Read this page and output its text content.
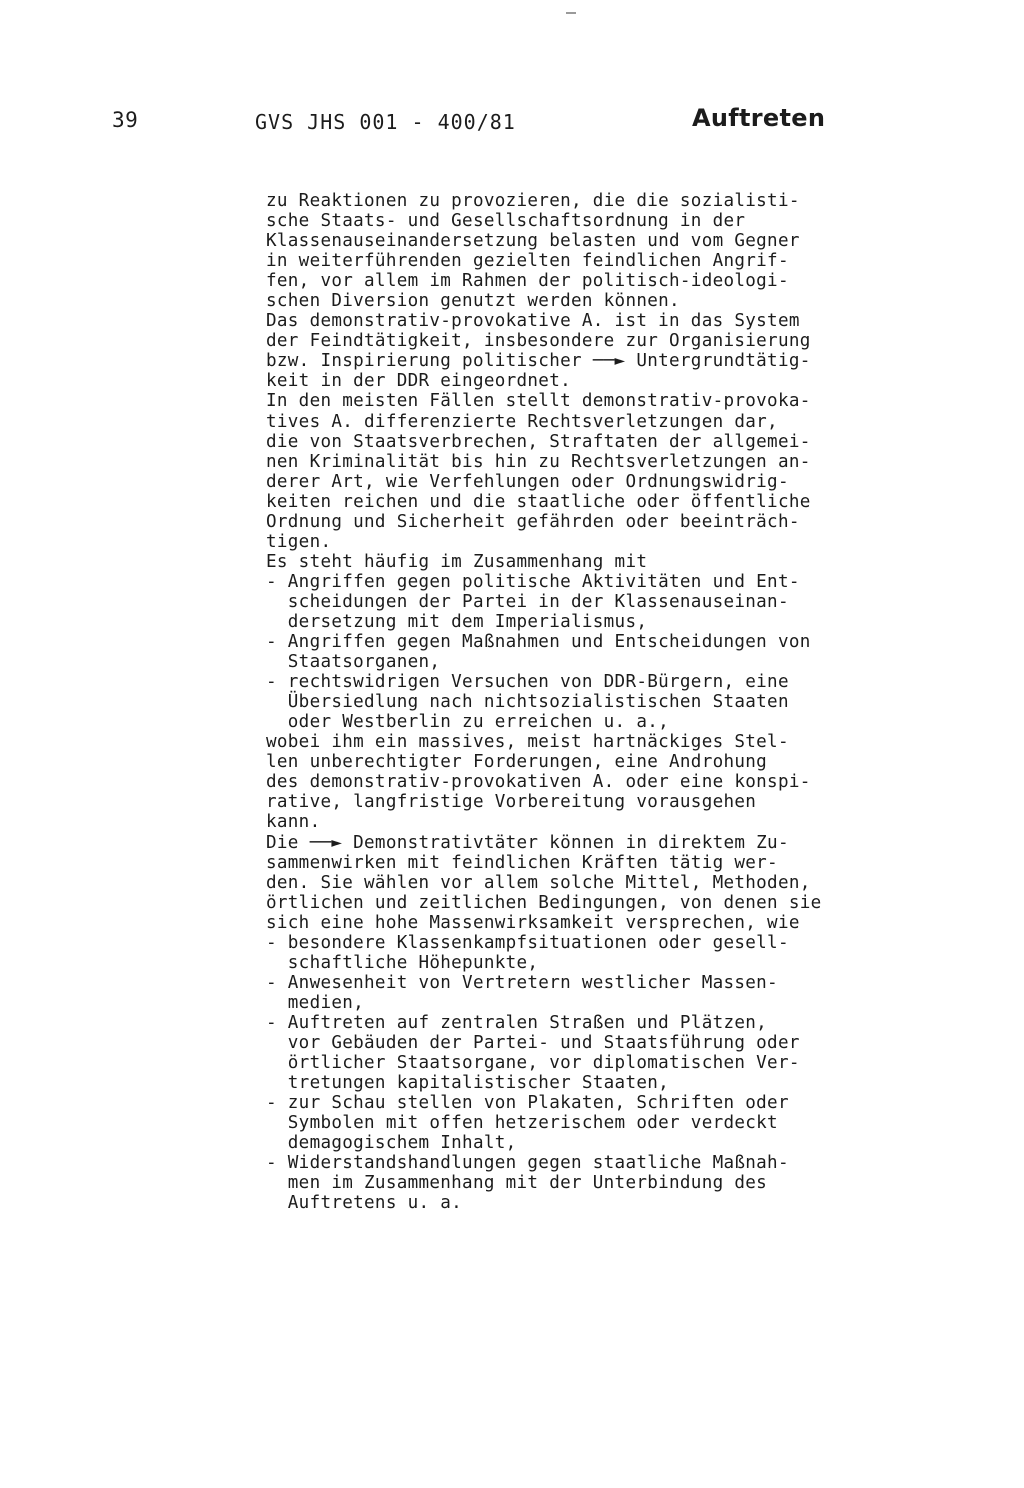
39	GVS JHS 001 - 400/81	Auftreten
zu Reaktionen zu provozieren, die die sozialisti-
sche Staats- und Gesellschaftsordnung in der
Klassenauseinandersetzung belasten und vom Gegner
in weiterführenden gezielten feindlichen Angrif-
fen, vor allem im Rahmen der politisch-ideologi-
schen Diversion genutzt werden können.
Das demonstrativ-provokative A. ist in das System
der Feindtätigkeit, insbesondere zur Organisierung
bzw. Inspirierung politischer ──► Untergrundtätig-
keit in der DDR eingeordnet.
In den meisten Fällen stellt demonstrativ-provoka-
tives A. differenzierte Rechtsverletzungen dar,
die von Staatsverbrechen, Straftaten der allgemei-
nen Kriminalität bis hin zu Rechtsverletzungen an-
derer Art, wie Verfehlungen oder Ordnungswidrig-
keiten reichen und die staatliche oder öffentliche
Ordnung und Sicherheit gefährden oder beeinträch-
tigen.
Es steht häufig im Zusammenhang mit
- Angriffen gegen politische Aktivitäten und Ent-
scheidungen der Partei in der Klassenauseinan-
dersetzung mit dem Imperialismus,
- Angriffen gegen Maßnahmen und Entscheidungen von
Staatsorganen,
- rechtswidrigen Versuchen von DDR-Bürgern, eine
Übersiedlung nach nichtsozialistischen Staaten
oder Westberlin zu erreichen u. a.,
wobei ihm ein massives, meist hartnäckiges Stel-
len unberechtigter Forderungen, eine Androhung
des demonstrativ-provokativen A. oder eine konspi-
rative, langfristige Vorbereitung vorausgehen
kann.
Die ──► Demonstrativtäter können in direktem Zu-
sammenwirken mit feindlichen Kräften tätig wer-
den. Sie wählen vor allem solche Mittel, Methoden,
örtlichen und zeitlichen Bedingungen, von denen sie
sich eine hohe Massenwirksamkeit versprechen, wie
- besondere Klassenkampfsituationen oder gesell-
schaftliche Höhepunkte,
- Anwesenheit von Vertretern westlicher Massen-
medien,
- Auftreten auf zentralen Straßen und Plätzen,
vor Gebäuden der Partei- und Staatsführung oder
örtlicher Staatsorgane, vor diplomatischen Ver-
tretungen kapitalistischer Staaten,
- zur Schau stellen von Plakaten, Schriften oder
Symbolen mit offen hetzerischem oder verdeckt
demagogischem Inhalt,
- Widerstandshandlungen gegen staatliche Maßnah-
men im Zusammenhang mit der Unterbindung des
Auftretens u. a.
